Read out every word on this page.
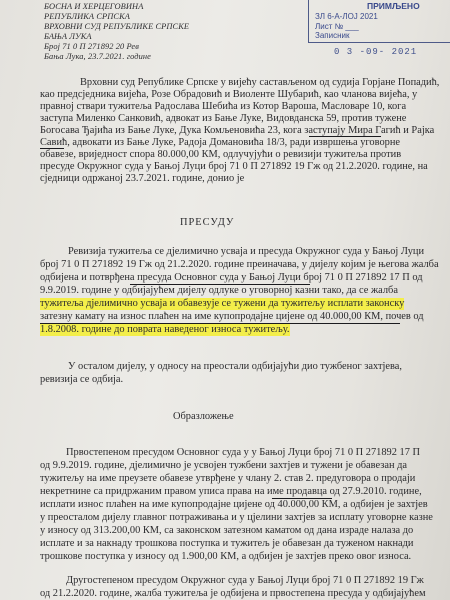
БОСНА И ХЕРЦЕГОВИНА
РЕПУБЛИКА СРПСКА
ВРХОВНИ СУД РЕПУБЛИКЕ СРПСКЕ
БАЊА ЛУКА
Број 71 0 П 271892 20 Рев
Бања Лука, 23.7.2021. године
ПРИМЉЕНО
ЗЛ 6-А-ЛОЈ 2021
Лист № ___
Записник
0 3 -09- 2021
Врховни суд Републике Српске у вијећу састављеном од судија Горјане Попадић,
као предсједника вијећа, Розе Обрадовић и Виоленте Шубарић, као чланова вијећа, у
правној ствари тужитеља Радослава Шебића из Котор Вароша, Масловаре 10, кога
заступа Миленко Санковић, адвокат из Бање Луке, Видовданска 59, против тужене
Богосава Ђајића из Бање Луке, Дука Комљеновића 23, кога заступају Мира Гагић и Рајка
Савић, адвокати из Бање Луке, Радоја Домановића 18/3, ради извршења уговорне
обавезе, вриједност спора 80.000,00 КМ, одлучујући о ревизији тужитеља против
пресуде Окружног суда у Бањој Луци број 71 0 П 271892 19 Гж од 21.2.2020. године, на
сједници одржаној 23.7.2021. године, донио је
ПРЕСУДУ
Ревизија тужитеља се дјелимично усваја и пресуда Окружног суда у Бањој Луци
број 71 0 П 271892 19 Гж од 21.2.2020. године преиначава, у дијелу којим је његова жалба
одбијена и потврђена пресуда Основног суда у Бањој Луци број 71 0 П 271892 17 П од
9.9.2019. године у одбијајућем дијелу одлуке о уговорној казни тако, да се жалба
тужитеља дјелимично усваја и обавезује се тужени да тужитељу исплати законску
затезну камату на износ плаћен на име купопродајне цијене од 40.000,00 КМ, почев од
1.8.2008. године до поврата наведеног износа тужитељу.
У осталом дијелу, у односу на преостали одбијајући дио тужбеног захтјева,
ревизија се одбија.
Образложење
Првостепеном пресудом Основног суда у у Бањој Луци број 71 0 П 271892 17 П
од 9.9.2019. године, дјелимично је усвојен тужбени захтјев и тужени је обавезан да
тужитељу на име преузете обавезе утврђене у члану 2. став 2. предуговора о продаји
некретнине са придржаним правом уписа права на име продавца од 27.9.2010. године,
исплати износ плаћен на име купопродајне цијене од 40.000,00 КМ, а одбијен је захтјев
у преосталом дијелу главног потраживања и у цјелини захтјев за исплату уговорне казне
у износу од 313.200,00 КМ, са законском затезном каматом од дана израде налаза до
исплате и за накнаду трошкова поступка и тужитељ је обавезан да туженом накнади
трошкове поступка у износу од 1.900,00 КМ, а одбијен је захтјев преко овог износа.
Другостепеном пресудом Окружног суда у Бањој Луци број 71 0 П 271892 19 Гж
од 21.2.2020. године, жалба тужитеља је одбијена и првостепена пресуда у одбијајућем
